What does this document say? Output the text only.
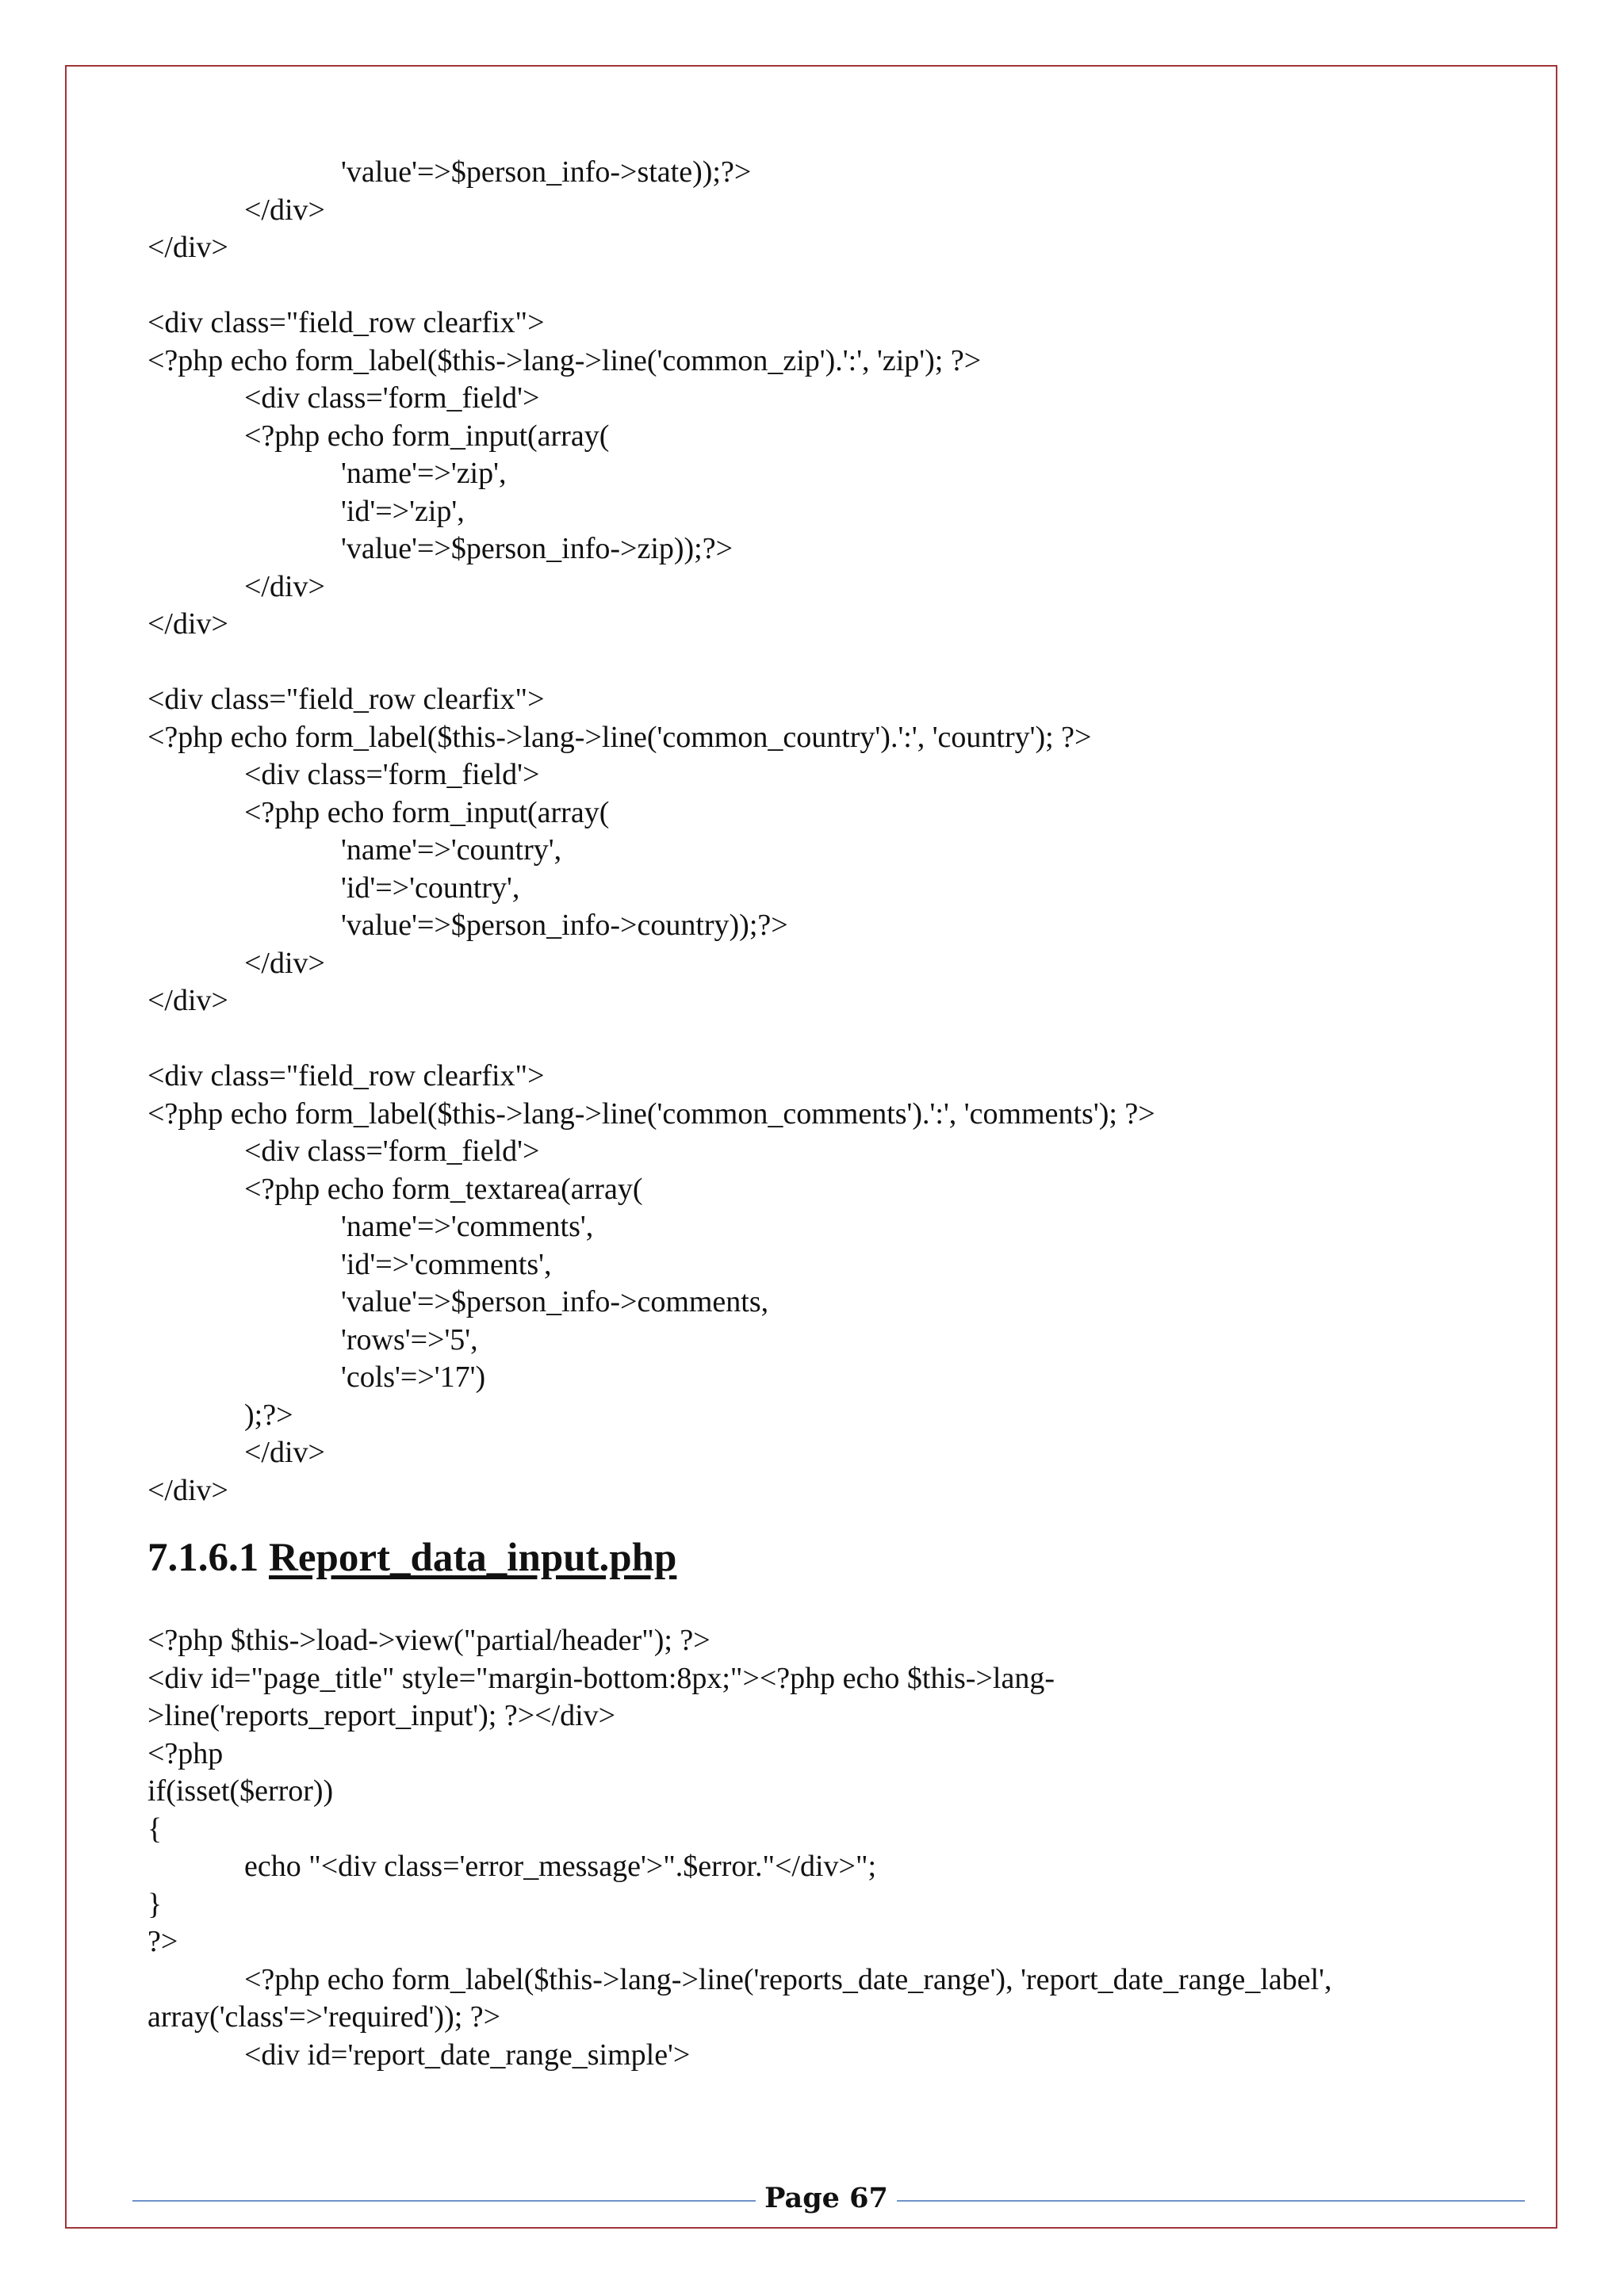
'value'=>$person_info->state));?>
</div>
</div>
<div class="field_row clearfix">
<?php echo form_label($this->lang->line('common_zip').':', 'zip'); ?>
<div class='form_field'>
<?php echo form_input(array(
'name'=>'zip',
'id'=>'zip',
'value'=>$person_info->zip));?>
</div>
</div>
<div class="field_row clearfix">
<?php echo form_label($this->lang->line('common_country').':', 'country'); ?>
<div class='form_field'>
<?php echo form_input(array(
'name'=>'country',
'id'=>'country',
'value'=>$person_info->country));?>
</div>
</div>
<div class="field_row clearfix">
<?php echo form_label($this->lang->line('common_comments').':', 'comments'); ?>
<div class='form_field'>
<?php echo form_textarea(array(
'name'=>'comments',
'id'=>'comments',
'value'=>$person_info->comments,
'rows'=>'5',
'cols'=>'17')
);?>
</div>
</div>
7.1.6.1 Report_data_input.php
<?php $this->load->view("partial/header"); ?>
<div id="page_title" style="margin-bottom:8px;"><?php echo $this->lang-
>line('reports_report_input'); ?></div>
<?php
if(isset($error))
{
echo "<div class='error_message'>".$error."</div>";
}
?>
<?php echo form_label($this->lang->line('reports_date_range'), 'report_date_range_label',
array('class'=>'required')); ?>
<div id='report_date_range_simple'>
Page 67
